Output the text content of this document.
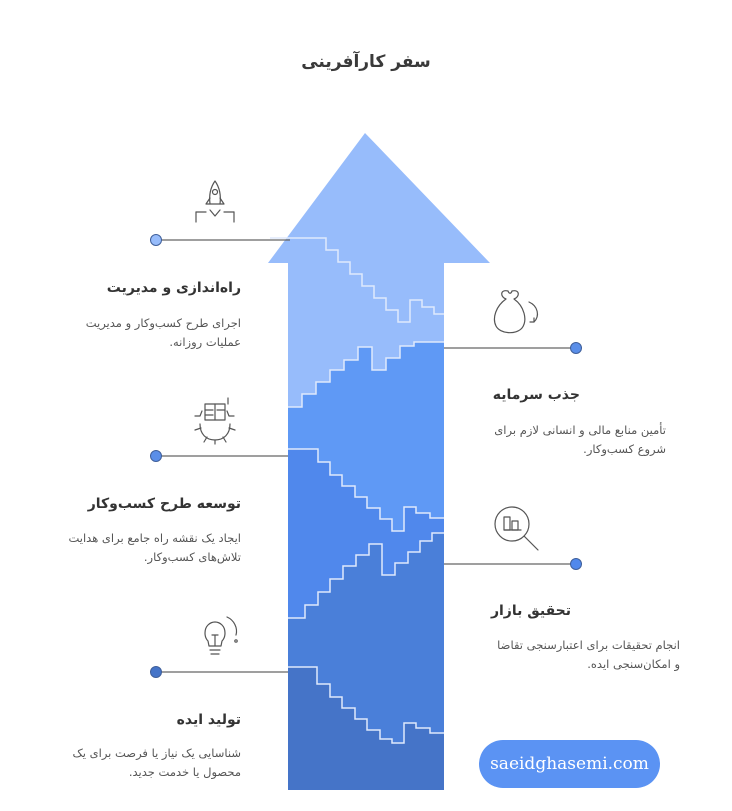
سفر کارآفرینی
راه‌اندازی و مدیریت
اجرای طرح کسب‌وکار و مدیریت
عملیات روزانه.
جذب سرمایه
تأمین منابع مالی و انسانی لازم برای
شروع کسب‌وکار.
توسعه طرح کسب‌وکار
ایجاد یک نقشه راه جامع برای هدایت
تلاش‌های کسب‌وکار.
تحقیق بازار
انجام تحقیقات برای اعتبارسنجی تقاضا
و امکان‌سنجی ایده.
تولید ایده
شناسایی یک نیاز یا فرصت برای یک
محصول یا خدمت جدید.	saeidghasemi.com
